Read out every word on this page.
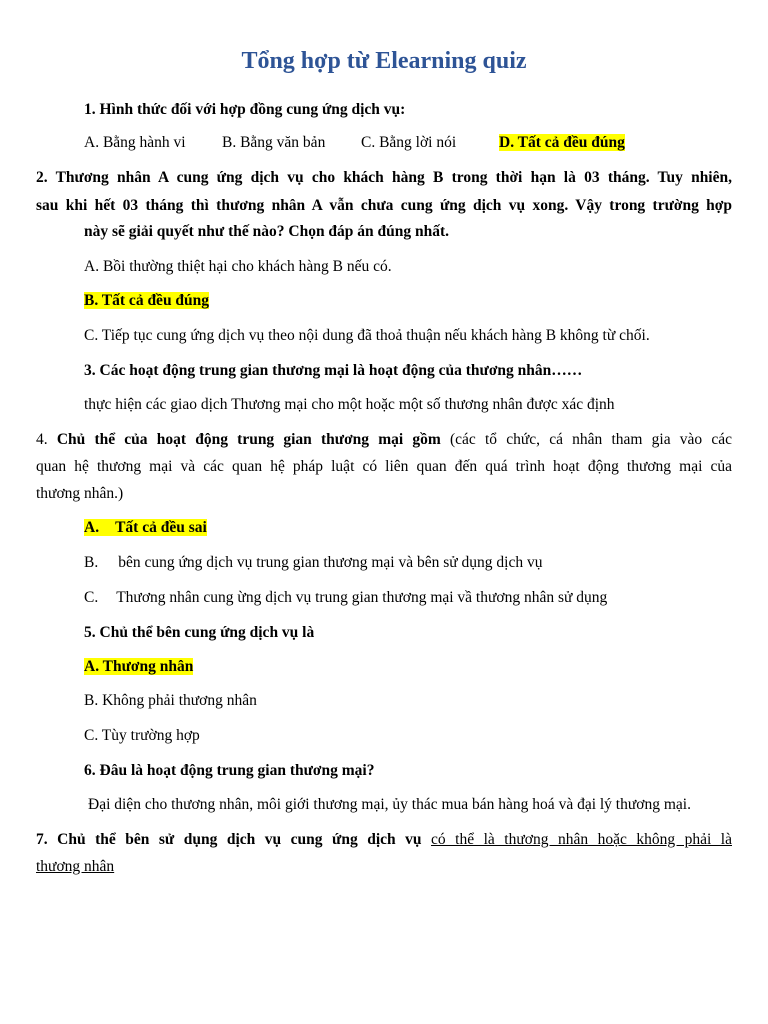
Tổng hợp từ Elearning quiz
1. Hình thức đối với hợp đồng cung ứng dịch vụ:
A. Bằng hành vi B. Bằng văn bản C. Bằng lời nói	D. Tất cả đều đúng
2. Thương nhân A cung ứng dịch vụ cho khách hàng B trong thời hạn là 03 tháng. Tuy nhiên,
sau khi hết 03 tháng thì thương nhân A vẫn chưa cung ứng dịch vụ xong. Vậy trong trường hợp
này sẽ giải quyết như thế nào? Chọn đáp án đúng nhất.
A. Bồi thường thiệt hại cho khách hàng B nếu có.
B. Tất cả đều đúng
C. Tiếp tục cung ứng dịch vụ theo nội dung đã thoả thuận nếu khách hàng B không từ chối.
3. Các hoạt động trung gian thương mại là hoạt động của thương nhân……
thực hiện các giao dịch Thương mại cho một hoặc một số thương nhân được xác định
4. Chủ thể của hoạt động trung gian thương mại gồm (các tổ chức, cá nhân tham gia vào các
quan hệ thương mại và các quan hệ pháp luật có liên quan đến quá trình hoạt động thương mại của
thương nhân.)
A. Tất cả đều sai
B. bên cung ứng dịch vụ trung gian thương mại và bên sử dụng dịch vụ
C. Thương nhân cung ừng dịch vụ trung gian thương mại vầ thương nhân sử dụng
5. Chủ thể bên cung ứng dịch vụ là
A. Thương nhân
B. Không phải thương nhân
C. Tùy trường hợp
6. Đâu là hoạt động trung gian thương mại?
Đại diện cho thương nhân, môi giới thương mại, ủy thác mua bán hàng hoá và đại lý thương mại.
7. Chủ thể bên sử dụng dịch vụ cung ứng dịch vụ có thể là thương nhân hoặc không phải là
thương nhân
